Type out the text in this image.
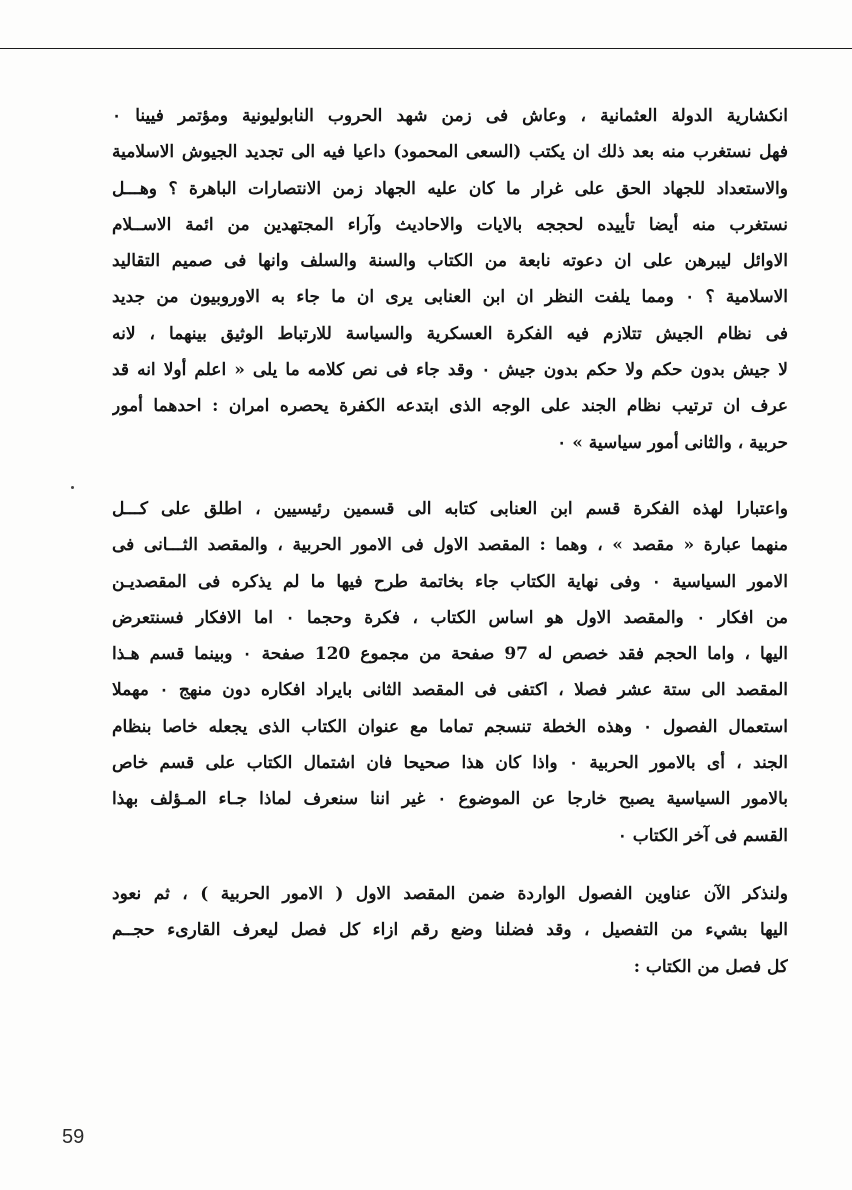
انكشارية الدولة العثمانية ، وعاش فى زمن شهد الحروب النابوليونية ومؤتمر فيينا ٠
فهل نستغرب منه بعد ذلك ان يكتب (السعى المحمود) داعيا فيه الى تجديد الجيوش الاسلامية
والاستعداد للجهاد الحق على غرار ما كان عليه الجهاد زمن الانتصارات الباهرة ؟ وهـــل
نستغرب منه أيضا تأييده لحججه بالايات والاحاديث وآراء المجتهدين من ائمة الاســلام
الاوائل ليبرهن على ان دعوته نابعة من الكتاب والسنة والسلف وانها فى صميم التقاليد
الاسلامية ؟ ٠ ومما يلفت النظر ان ابن العنابى يرى ان ما جاء به الاوروبيون من جديد
فى نظام الجيش تتلازم فيه الفكرة العسكرية والسياسة للارتباط الوثيق بينهما ، لانه
لا جيش بدون حكم ولا حكم بدون جيش ٠ وقد جاء فى نص كلامه ما يلى « اعلم أولا انه قد
عرف ان ترتيب نظام الجند على الوجه الذى ابتدعه الكفرة يحصره امران : احدهما أمور
حربية ، والثانى أمور سياسية » ٠
واعتبارا لهذه الفكرة قسم ابن العنابى كتابه الى قسمين رئيسيين ، اطلق على كـــل
منهما عبارة « مقصد » ، وهما : المقصد الاول فى الامور الحربية ، والمقصد الثـــانى فى
الامور السياسية ٠ وفى نهاية الكتاب جاء بخاتمة طرح فيها ما لم يذكره فى المقصديـن
من افكار ٠ والمقصد الاول هو اساس الكتاب ، فكرة وحجما ٠ اما الافكار فسنتعرض
اليها ، واما الحجم فقد خصص له 97 صفحة من مجموع 120 صفحة ٠ وبينما قسم هـذا
المقصد الى ستة عشر فصلا ، اكتفى فى المقصد الثانى بايراد افكاره دون منهج ٠ مهملا
استعمال الفصول ٠ وهذه الخطة تنسجم تماما مع عنوان الكتاب الذى يجعله خاصا بنظام
الجند ، أى بالامور الحربية ٠ واذا كان هذا صحيحا فان اشتمال الكتاب على قسم خاص
بالامور السياسية يصبح خارجا عن الموضوع ٠ غير اننا سنعرف لماذا جـاء المـؤلف بهذا
القسم فى آخر الكتاب ٠
ولنذكر الآن عناوين الفصول الواردة ضمن المقصد الاول ( الامور الحربية ) ، ثم نعود
اليها بشيء من التفصيل ، وقد فضلنا وضع رقم ازاء كل فصل ليعرف القارىء حجــم
كل فصل من الكتاب :
59
